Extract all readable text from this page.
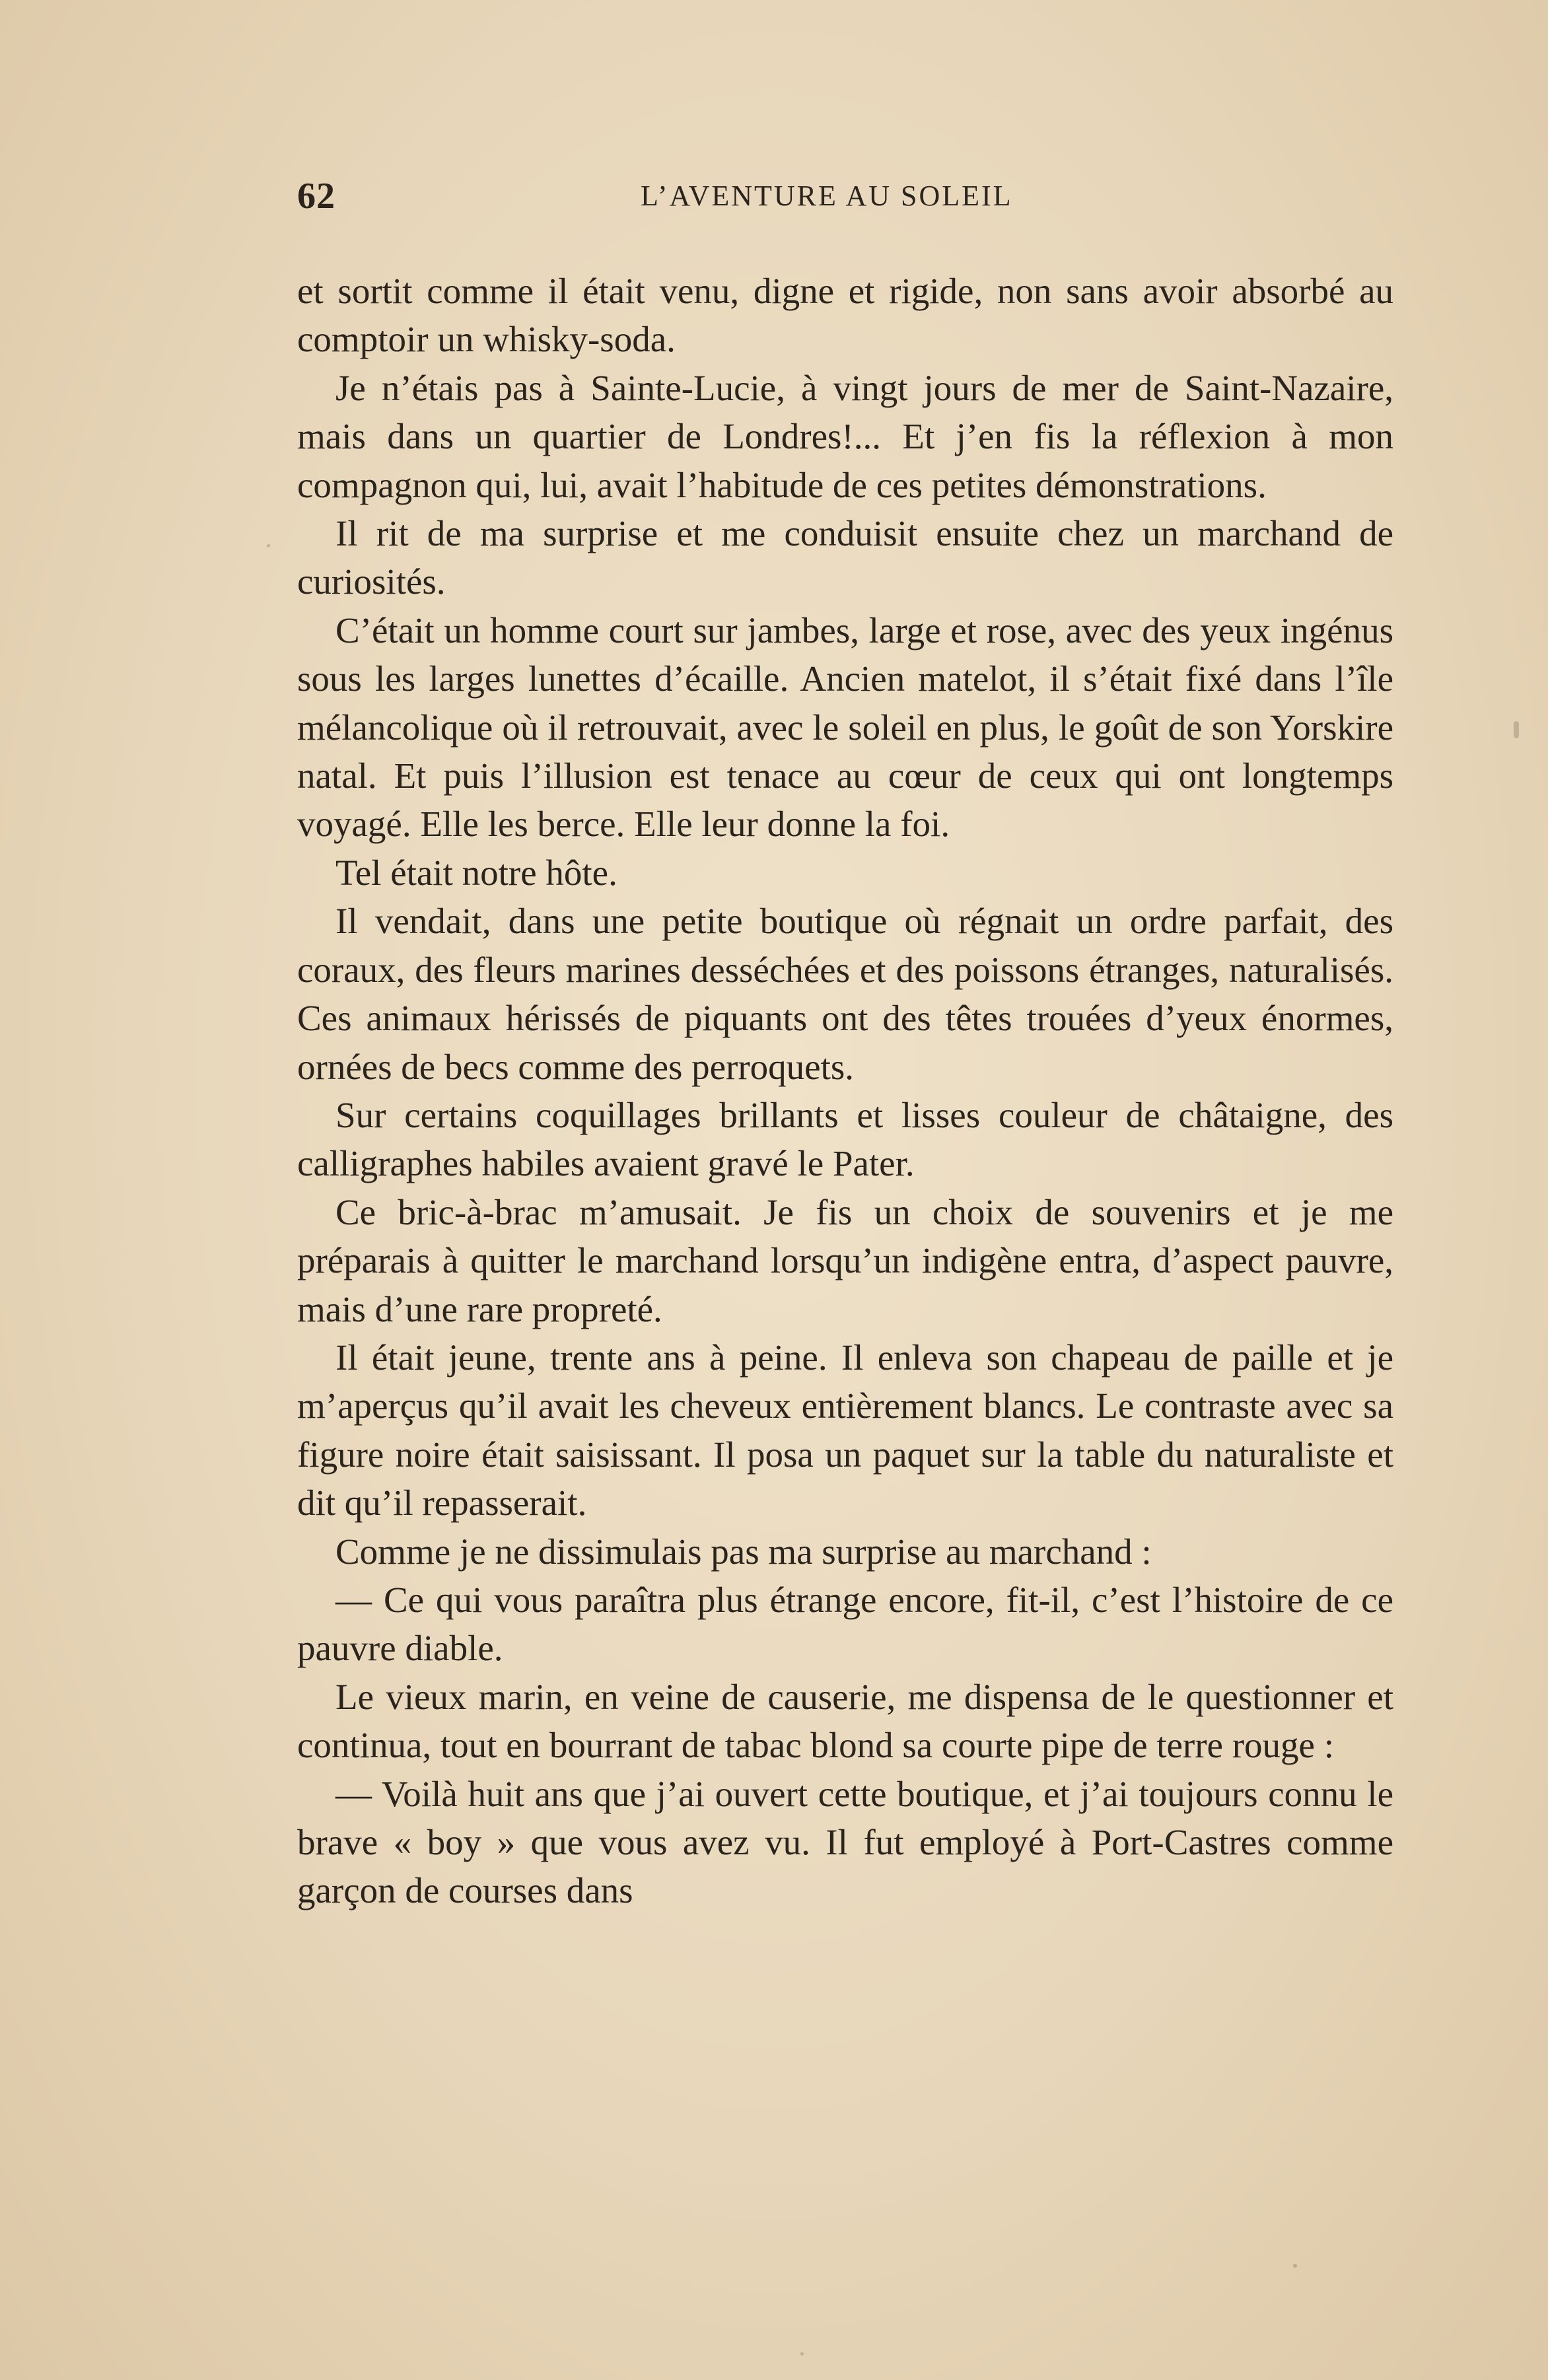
62	L’AVENTURE AU SOLEIL

et sortit comme il était venu, digne et rigide, non sans avoir absorbé au comptoir un whisky-soda.

Je n’étais pas à Sainte-Lucie, à vingt jours de mer de Saint-Nazaire, mais dans un quartier de Londres!... Et j’en fis la réflexion à mon compagnon qui, lui, avait l’habitude de ces petites démonstrations.

Il rit de ma surprise et me conduisit ensuite chez un marchand de curiosités.

C’était un homme court sur jambes, large et rose, avec des yeux ingénus sous les larges lunettes d’écaille. Ancien matelot, il s’était fixé dans l’île mélancolique où il retrouvait, avec le soleil en plus, le goût de son Yorskire natal. Et puis l’illusion est tenace au cœur de ceux qui ont longtemps voyagé. Elle les berce. Elle leur donne la foi.

Tel était notre hôte.

Il vendait, dans une petite boutique où régnait un ordre parfait, des coraux, des fleurs marines desséchées et des poissons étranges, naturalisés. Ces animaux hérissés de piquants ont des têtes trouées d’yeux énormes, ornées de becs comme des perroquets.

Sur certains coquillages brillants et lisses couleur de châtaigne, des calligraphes habiles avaient gravé le Pater.

Ce bric-à-brac m’amusait. Je fis un choix de souvenirs et je me préparais à quitter le marchand lorsqu’un indigène entra, d’aspect pauvre, mais d’une rare propreté.

Il était jeune, trente ans à peine. Il enleva son chapeau de paille et je m’aperçus qu’il avait les cheveux entièrement blancs. Le contraste avec sa figure noire était saisissant. Il posa un paquet sur la table du naturaliste et dit qu’il repasserait.

Comme je ne dissimulais pas ma surprise au marchand :

— Ce qui vous paraîtra plus étrange encore, fit-il, c’est l’histoire de ce pauvre diable.

Le vieux marin, en veine de causerie, me dispensa de le questionner et continua, tout en bourrant de tabac blond sa courte pipe de terre rouge :

— Voilà huit ans que j’ai ouvert cette boutique, et j’ai toujours connu le brave « boy » que vous avez vu. Il fut employé à Port-Castres comme garçon de courses dans
